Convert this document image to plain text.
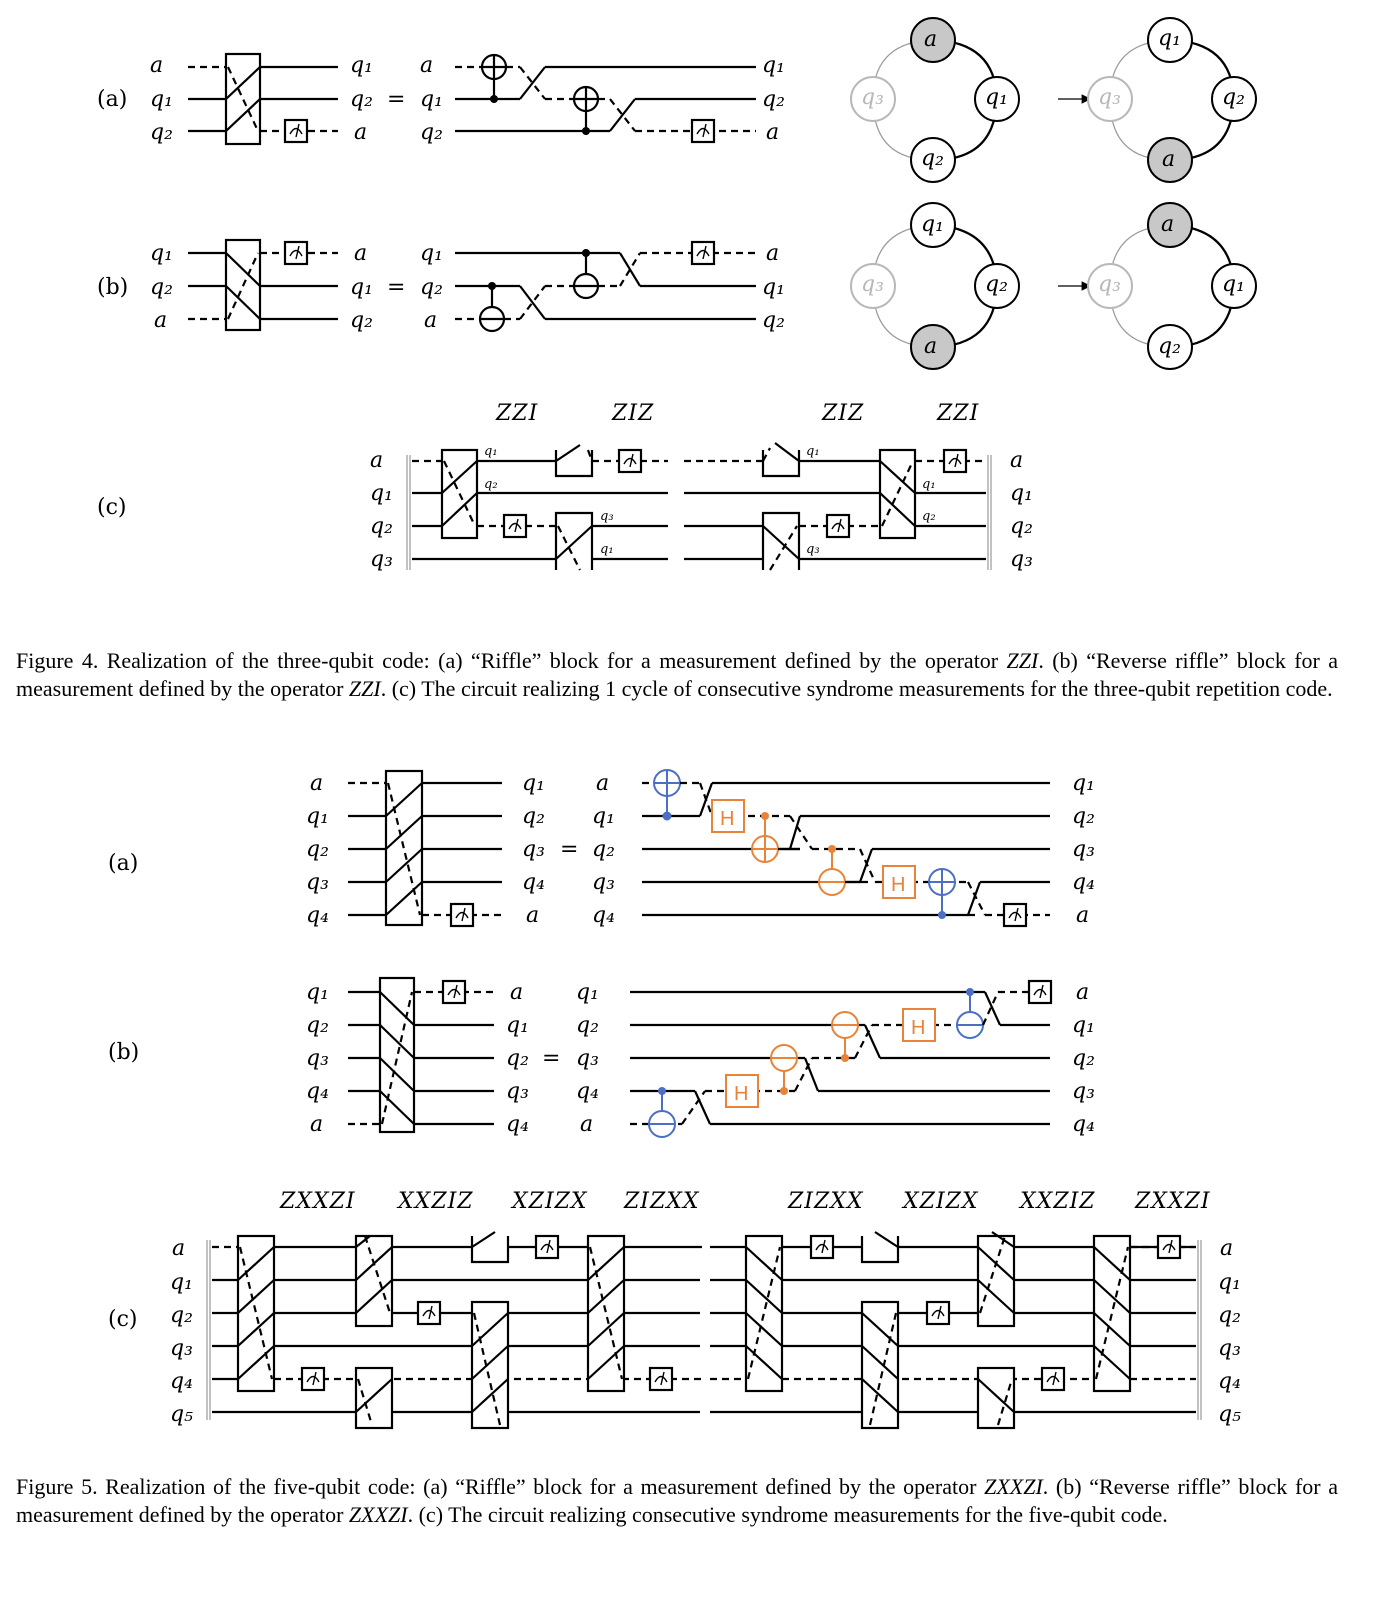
(a)
a
q₁
q₂
q₁
q₂
a
=
a
q₁
q₂
q₁
q₂
a
a
q₁
q₂
q₃
q₁
q₂
a
q₃
(b)
q₁
q₂
a
a
q₁
q₂
=
q₁
q₂
a
a
q₁
q₂
q₁
q₂
a
q₃
a
q₁
q₂
q₃
(c)
ZZI	ZIZ	ZIZ	ZZI
a
q₁
q₂
q₃
q₁
q₂
q₃
q₁
q₁
q₃
q₁
q₂
a
q₁
q₂
q₃
(a)
a
q₁
q₂
q₃
q₄
q₁
q₂
q₃
q₄
a
=
a
q₁
q₂
q₃
q₄
H
H
q₁
q₂
q₃
q₄
a
(b)
q₁
q₂
q₃
q₄
a
a
q₁
q₂
q₃
q₄
=
q₁
q₂
q₃
q₄
a
H
H
a
q₁
q₂
q₃
q₄
(c)
ZXXZI XXZIZ XZIZX ZIZXX	ZIZXX XZIZX XXZIZ ZXXZI
a
q₁
q₂
q₃
q₄
q₅
a
q₁
q₂
q₃
q₄
q₅
Figure 4. Realization of the three-qubit code: (a) “Riffle” block for a measurement defined by the operator ZZI. (b) “Reverse riffle” block for a measurement defined by the operator ZZI. (c) The circuit realizing 1 cycle of consecutive syndrome measurements for the three-qubit repetition code.
Figure 5. Realization of the five-qubit code: (a) “Riffle” block for a measurement defined by the operator ZXXZI. (b) “Reverse riffle” block for a measurement defined by the operator ZXXZI. (c) The circuit realizing consecutive syndrome measurements for the five-qubit code.
